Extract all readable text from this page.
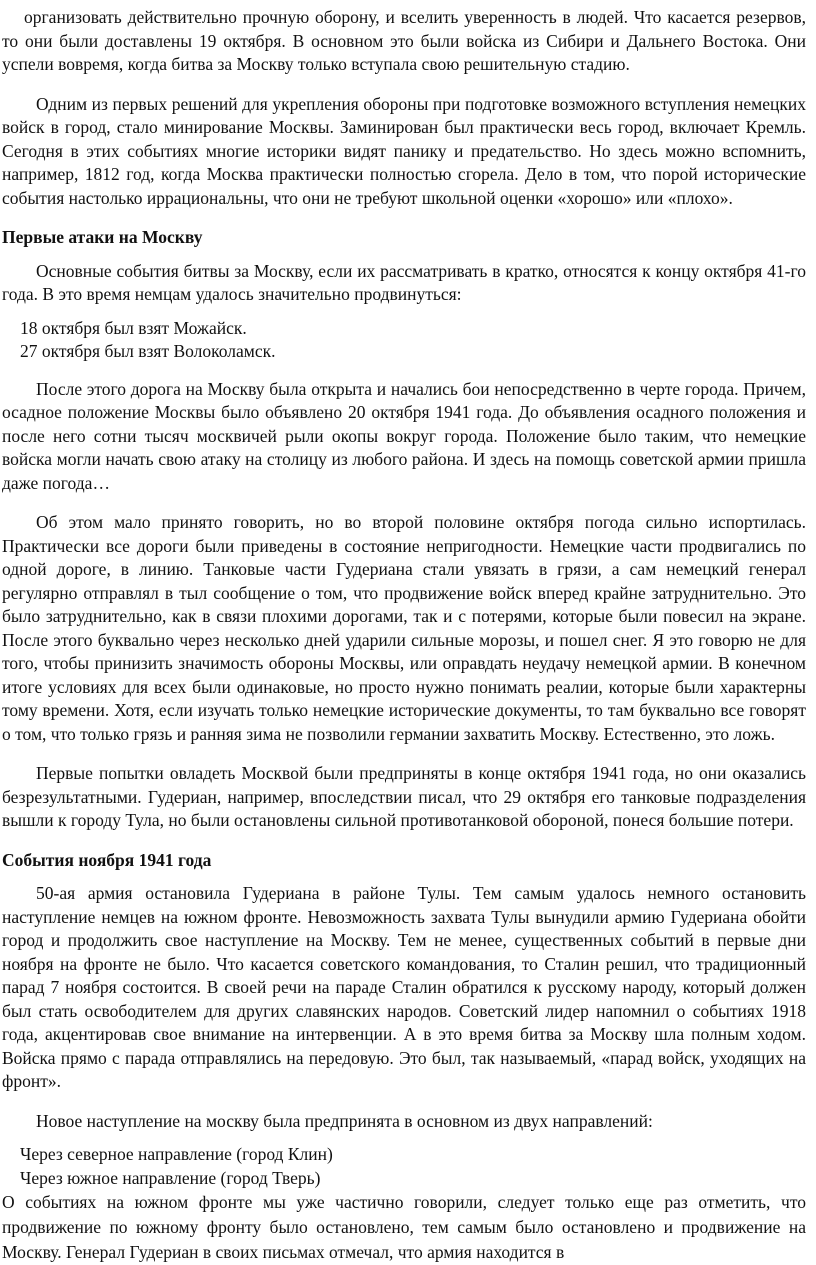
организовать действительно прочную оборону, и вселить уверенность в людей. Что касается резервов, то они были доставлены 19 октября. В основном это были войска из Сибири и Дальнего Востока. Они успели вовремя, когда битва за Москву только вступала свою решительную стадию.

Одним из первых решений для укрепления обороны при подготовке возможного вступления немецких войск в город, стало минирование Москвы. Заминирован был практически весь город, включает Кремль. Сегодня в этих событиях многие историки видят панику и предательство. Но здесь можно вспомнить, например, 1812 год, когда Москва практически полностью сгорела. Дело в том, что порой исторические события настолько иррациональны, что они не требуют школьной оценки «хорошо» или «плохо».

Первые атаки на Москву

Основные события битвы за Москву, если их рассматривать в кратко, относятся к концу октября 41-го года. В это время немцам удалось значительно продвинуться:

18 октября был взят Можайск.
27 октября был взят Волоколамск.

После этого дорога на Москву была открыта и начались бои непосредственно в черте города. Причем, осадное положение Москвы было объявлено 20 октября 1941 года. До объявления осадного положения и после него сотни тысяч москвичей рыли окопы вокруг города. Положение было таким, что немецкие войска могли начать свою атаку на столицу из любого района. И здесь на помощь советской армии пришла даже погода…

Об этом мало принято говорить, но во второй половине октября погода сильно испортилась. Практически все дороги были приведены в состояние непригодности. Немецкие части продвигались по одной дороге, в линию. Танковые части Гудериана стали увязать в грязи, а сам немецкий генерал регулярно отправлял в тыл сообщение о том, что продвижение войск вперед крайне затруднительно. Это было затруднительно, как в связи плохими дорогами, так и с потерями, которые были повесил на экране. После этого буквально через несколько дней ударили сильные морозы, и пошел снег. Я это говорю не для того, чтобы принизить значимость обороны Москвы, или оправдать неудачу немецкой армии. В конечном итоге условиях для всех были одинаковые, но просто нужно понимать реалии, которые были характерны тому времени. Хотя, если изучать только немецкие исторические документы, то там буквально все говорят о том, что только грязь и ранняя зима не позволили германии захватить Москву. Естественно, это ложь.

Первые попытки овладеть Москвой были предприняты в конце октября 1941 года, но они оказались безрезультатными. Гудериан, например, впоследствии писал, что 29 октября его танковые подразделения вышли к городу Тула, но были остановлены сильной противотанковой обороной, понеся большие потери.

События ноября 1941 года

50-ая армия остановила Гудериана в районе Тулы. Тем самым удалось немного остановить наступление немцев на южном фронте. Невозможность захвата Тулы вынудили армию Гудериана обойти город и продолжить свое наступление на Москву. Тем не менее, существенных событий в первые дни ноября на фронте не было. Что касается советского командования, то Сталин решил, что традиционный парад 7 ноября состоится. В своей речи на параде Сталин обратился к русскому народу, который должен был стать освободителем для других славянских народов. Советский лидер напомнил о событиях 1918 года, акцентировав свое внимание на интервенции. А в это время битва за Москву шла полным ходом. Войска прямо с парада отправлялись на передовую. Это был, так называемый, «парад войск, уходящих на фронт».

Новое наступление на москву была предпринята в основном из двух направлений:

Через северное направление (город Клин)
Через южное направление (город Тверь)

О событиях на южном фронте мы уже частично говорили, следует только еще раз отметить, что продвижение по южному фронту было остановлено, тем самым было остановлено и продвижение на Москву. Генерал Гудериан в своих письмах отмечал, что армия находится в
